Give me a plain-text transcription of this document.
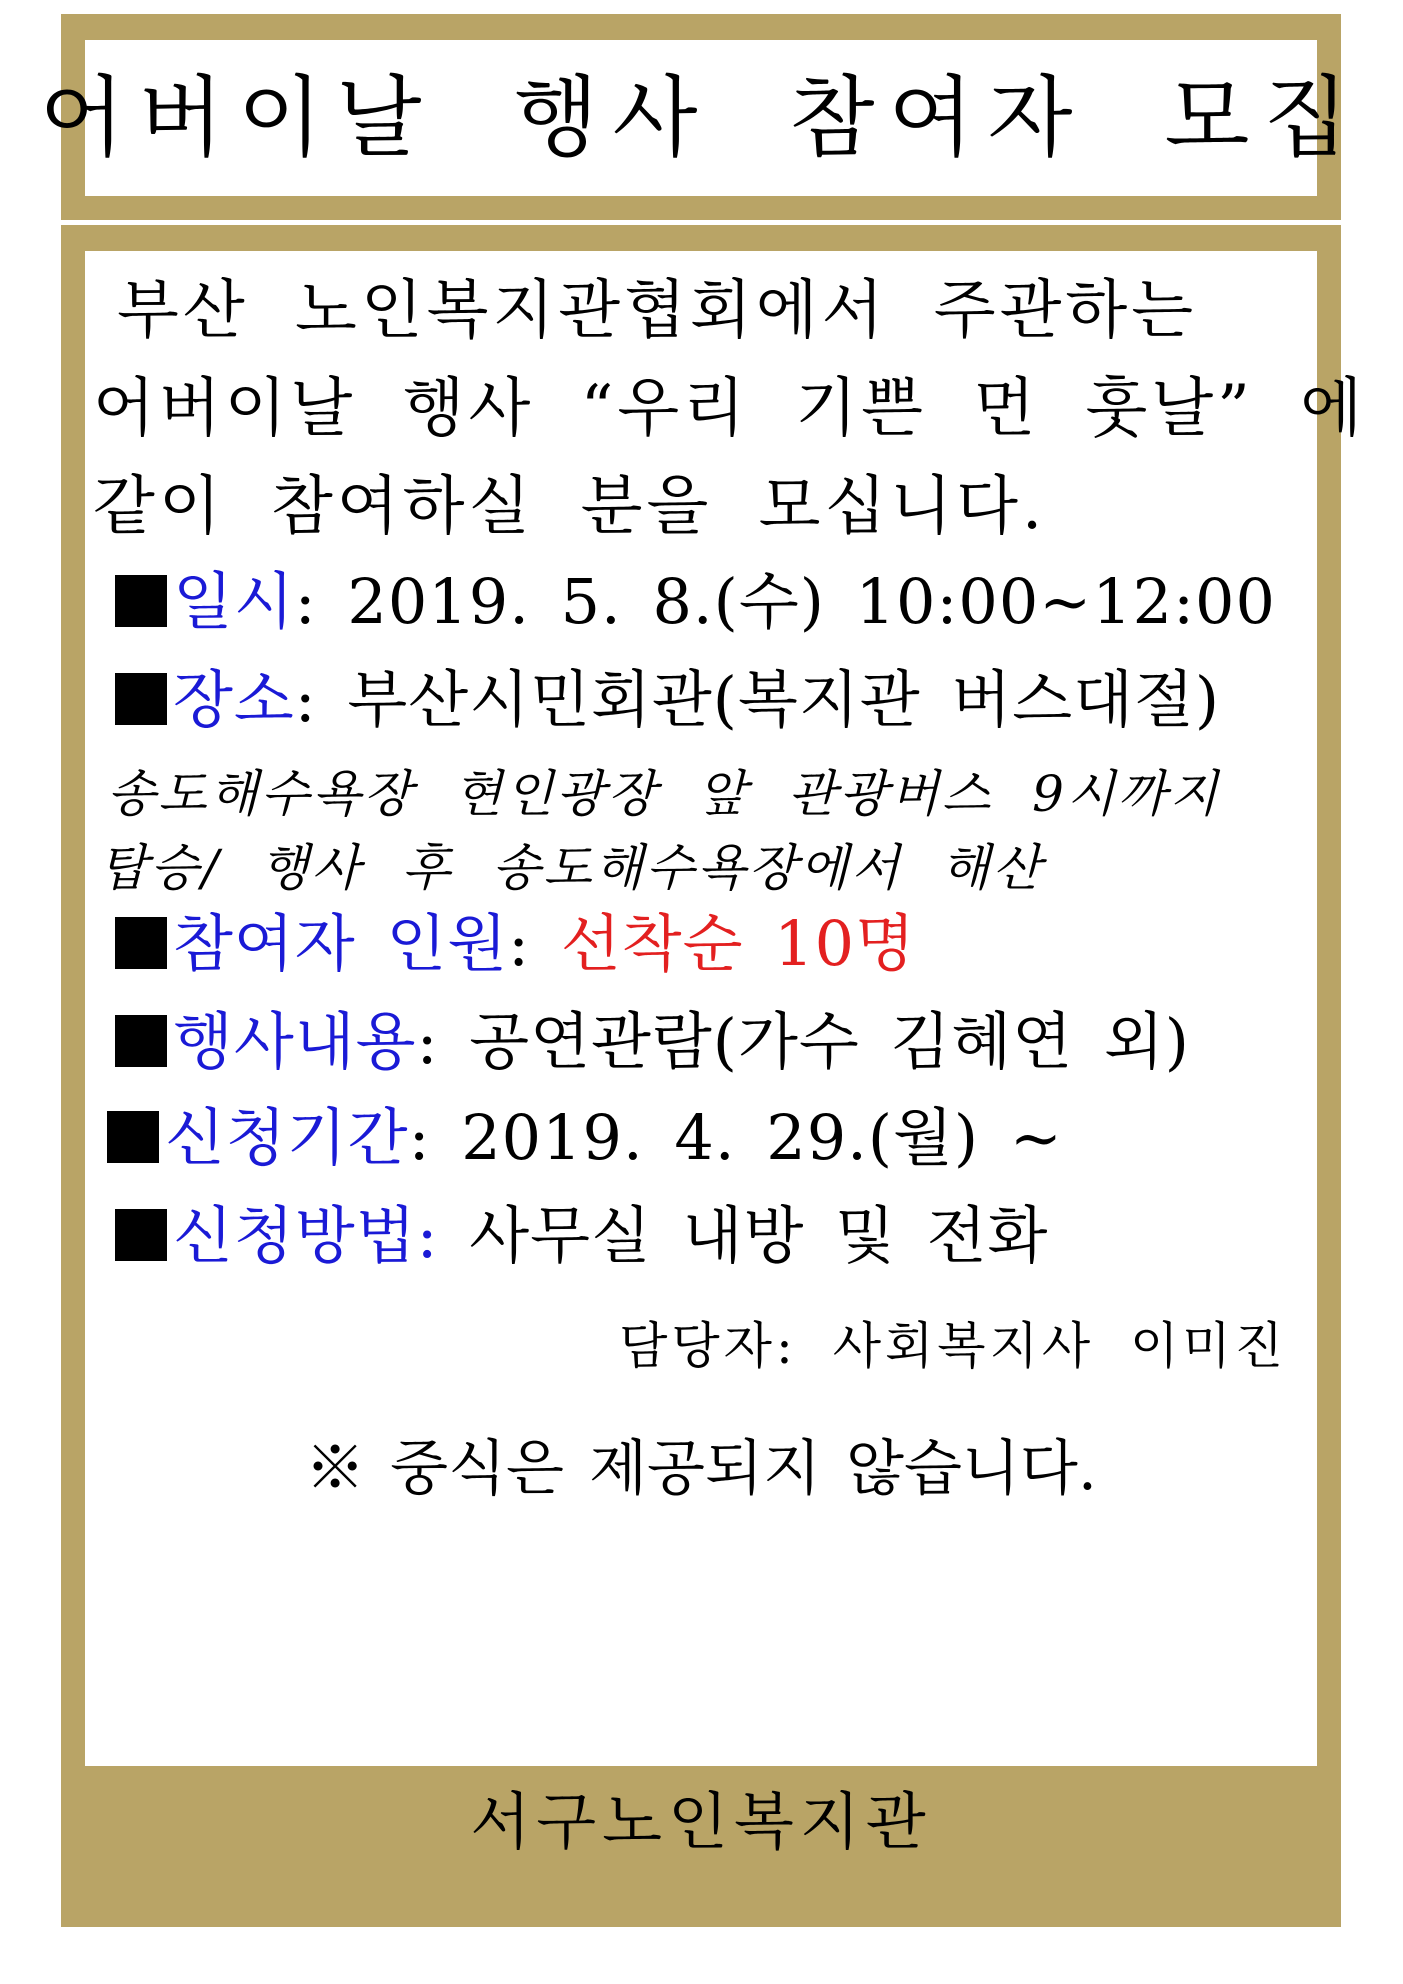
어버이날 행사 참여자 모집
부산 노인복지관협회에서 주관하는
어버이날 행사 “우리 기쁜 먼 훗날” 에
같이 참여하실 분을 모십니다.
일시: 2019. 5. 8.(수) 10:00~12:00
장소: 부산시민회관(복지관 버스대절)
송도해수욕장 현인광장 앞 관광버스 9시까지
탑승/ 행사 후 송도해수욕장에서 해산
참여자 인원: 선착순 10명
행사내용: 공연관람(가수 김혜연 외)
신청기간: 2019. 4. 29.(월) ~
신청방법: 사무실 내방 및 전화
담당자: 사회복지사 이미진
※ 중식은 제공되지 않습니다.
서구노인복지관
